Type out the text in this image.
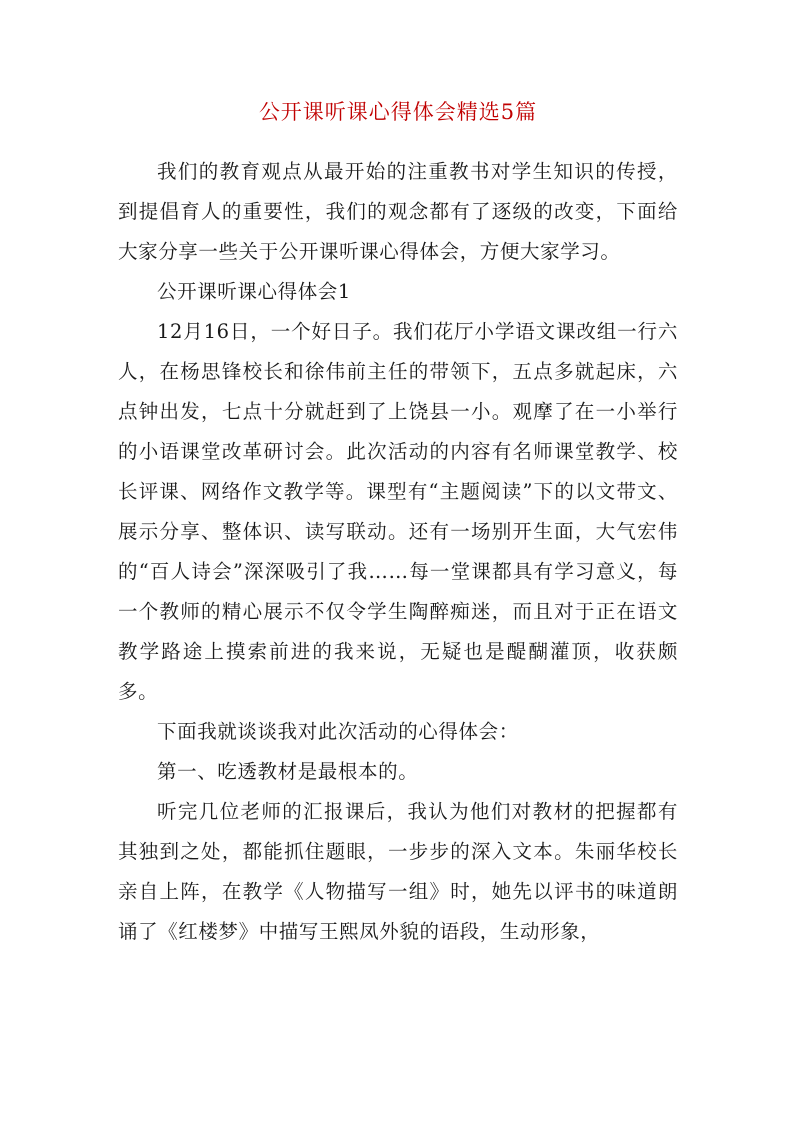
公开课听课心得体会精选5篇

我们的教育观点从最开始的注重教书对学生知识的传授，到提倡育人的重要性，我们的观念都有了逐级的改变，下面给大家分享一些关于公开课听课心得体会，方便大家学习。

公开课听课心得体会1

12月16日，一个好日子。我们花厅小学语文课改组一行六人，在杨思锋校长和徐伟前主任的带领下，五点多就起床，六点钟出发，七点十分就赶到了上饶县一小。观摩了在一小举行的小语课堂改革研讨会。此次活动的内容有名师课堂教学、校长评课、网络作文教学等。课型有“主题阅读”下的以文带文、展示分享、整体识、读写联动。还有一场别开生面，大气宏伟的“百人诗会”深深吸引了我……每一堂课都具有学习意义，每一个教师的精心展示不仅令学生陶醉痴迷，而且对于正在语文教学路途上摸索前进的我来说，无疑也是醍醐灌顶，收获颇多。

下面我就谈谈我对此次活动的心得体会：

第一、吃透教材是最根本的。

听完几位老师的汇报课后，我认为他们对教材的把握都有其独到之处，都能抓住题眼，一步步的深入文本。朱丽华校长亲自上阵，在教学《人物描写一组》时，她先以评书的味道朗诵了《红楼梦》中描写王熙凤外貌的语段，生动形象，
